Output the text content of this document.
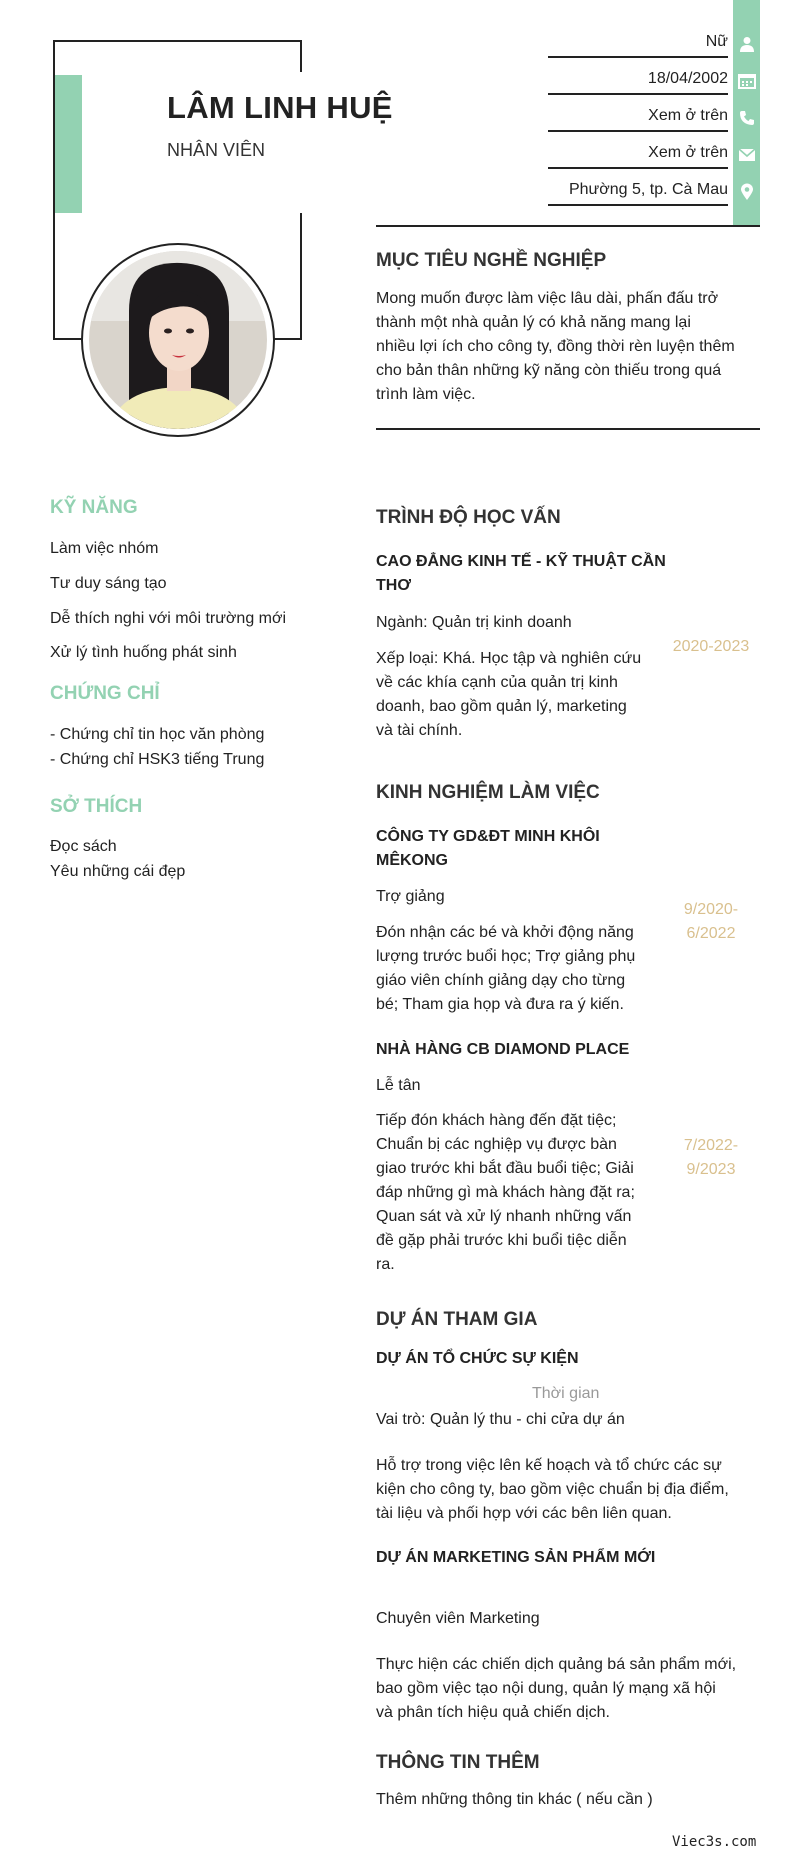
LÂM LINH HUỆ
NHÂN VIÊN
Nữ
18/04/2002
Xem ở trên
Xem ở trên
Phường 5, tp. Cà Mau
MỤC TIÊU NGHỀ NGHIỆP
Mong muốn được làm việc lâu dài, phấn đấu trở
thành một nhà quản lý có khả năng mang lại
nhiều lợi ích cho công ty, đồng thời rèn luyện thêm
cho bản thân những kỹ năng còn thiếu trong quá
trình làm việc.
KỸ NĂNG
Làm việc nhóm
Tư duy sáng tạo
Dễ thích nghi với môi trường mới
Xử lý tình huống phát sinh
CHỨNG CHỈ
- Chứng chỉ tin học văn phòng
- Chứng chỉ HSK3 tiếng Trung
SỞ THÍCH
Đọc sách
Yêu những cái đẹp
TRÌNH ĐỘ HỌC VẤN
CAO ĐẲNG KINH TẾ - KỸ THUẬT CẦN
THƠ
Ngành: Quản trị kinh doanh
Xếp loại: Khá. Học tập và nghiên cứu
về các khía cạnh của quản trị kinh
doanh, bao gồm quản lý, marketing
và tài chính.
2020-2023
KINH NGHIỆM LÀM VIỆC
CÔNG TY GD&ĐT MINH KHÔI
MÊKONG
Trợ giảng
Đón nhận các bé và khởi động năng
lượng trước buổi học; Trợ giảng phụ
giáo viên chính giảng dạy cho từng
bé; Tham gia họp và đưa ra ý kiến.
9/2020-
6/2022
NHÀ HÀNG CB DIAMOND PLACE
Lễ tân
Tiếp đón khách hàng đến đặt tiệc;
Chuẩn bị các nghiệp vụ được bàn
giao trước khi bắt đầu buổi tiệc; Giải
đáp những gì mà khách hàng đặt ra;
Quan sát và xử lý nhanh những vấn
đề gặp phải trước khi buổi tiệc diễn
ra.
7/2022-
9/2023
DỰ ÁN THAM GIA
DỰ ÁN TỔ CHỨC SỰ KIỆN
Thời gian
Vai trò: Quản lý thu - chi cửa dự án
Hỗ trợ trong việc lên kế hoạch và tổ chức các sự
kiện cho công ty, bao gồm việc chuẩn bị địa điểm,
tài liệu và phối hợp với các bên liên quan.
DỰ ÁN MARKETING SẢN PHẨM MỚI
Chuyên viên Marketing
Thực hiện các chiến dịch quảng bá sản phẩm mới,
bao gồm việc tạo nội dung, quản lý mạng xã hội
và phân tích hiệu quả chiến dịch.
THÔNG TIN THÊM
Thêm những thông tin khác ( nếu cần )
Viec3s.com
